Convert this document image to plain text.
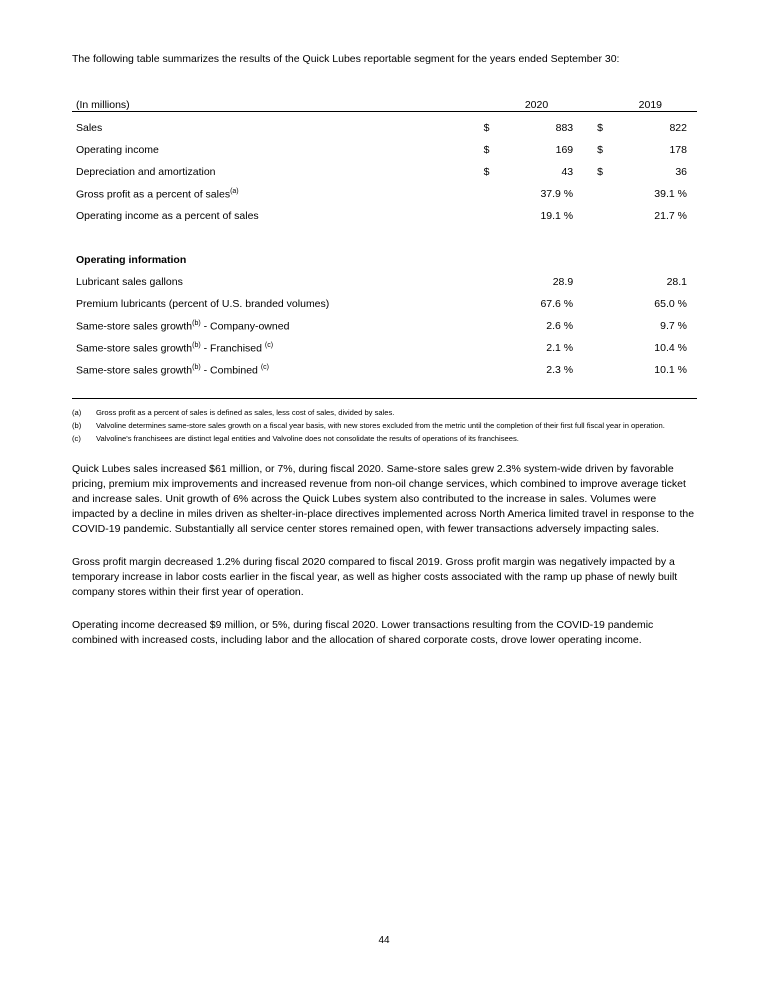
The following table summarizes the results of the Quick Lubes reportable segment for the years ended September 30:

(In millions)		2020		2019
Sales	$	883	$	822
Operating income	$	169	$	178
Depreciation and amortization	$	43	$	36
Gross profit as a percent of sales$^{(a)}$		37.9 %		39.1 %
Operating income as a percent of sales		19.1 %		21.7 %

Operating information				
Lubricant sales gallons		28.9		28.1
Premium lubricants (percent of U.S. branded volumes)		67.6 %		65.0 %
Same-store sales growth$^{(b)}$ - Company-owned		2.6 %		9.7 %
Same-store sales growth$^{(b)}$ - Franchised $^{(c)}$		2.1 %		10.4 %
Same-store sales growth$^{(b)}$ - Combined $^{(c)}$		2.3 %		10.1 %

(a)	Gross profit as a percent of sales is defined as sales, less cost of sales, divided by sales.
(b)	Valvoline determines same-store sales growth on a fiscal year basis, with new stores excluded from the metric until the completion of their first full fiscal year in operation.
(c)	Valvoline's franchisees are distinct legal entities and Valvoline does not consolidate the results of operations of its franchisees.

Quick Lubes sales increased $61 million, or 7%, during fiscal 2020. Same-store sales grew 2.3% system-wide driven by favorable pricing, premium mix improvements and increased revenue from non-oil change services, which combined to improve average ticket and increase sales. Unit growth of 6% across the Quick Lubes system also contributed to the increase in sales. Volumes were impacted by a decline in miles driven as shelter-in-place directives implemented across North America limited travel in response to the COVID-19 pandemic. Substantially all service center stores remained open, with fewer transactions adversely impacting sales.

Gross profit margin decreased 1.2% during fiscal 2020 compared to fiscal 2019. Gross profit margin was negatively impacted by a temporary increase in labor costs earlier in the fiscal year, as well as higher costs associated with the ramp up phase of newly built company stores within their first year of operation.

Operating income decreased $9 million, or 5%, during fiscal 2020. Lower transactions resulting from the COVID-19 pandemic combined with increased costs, including labor and the allocation of shared corporate costs, drove lower operating income.

44
